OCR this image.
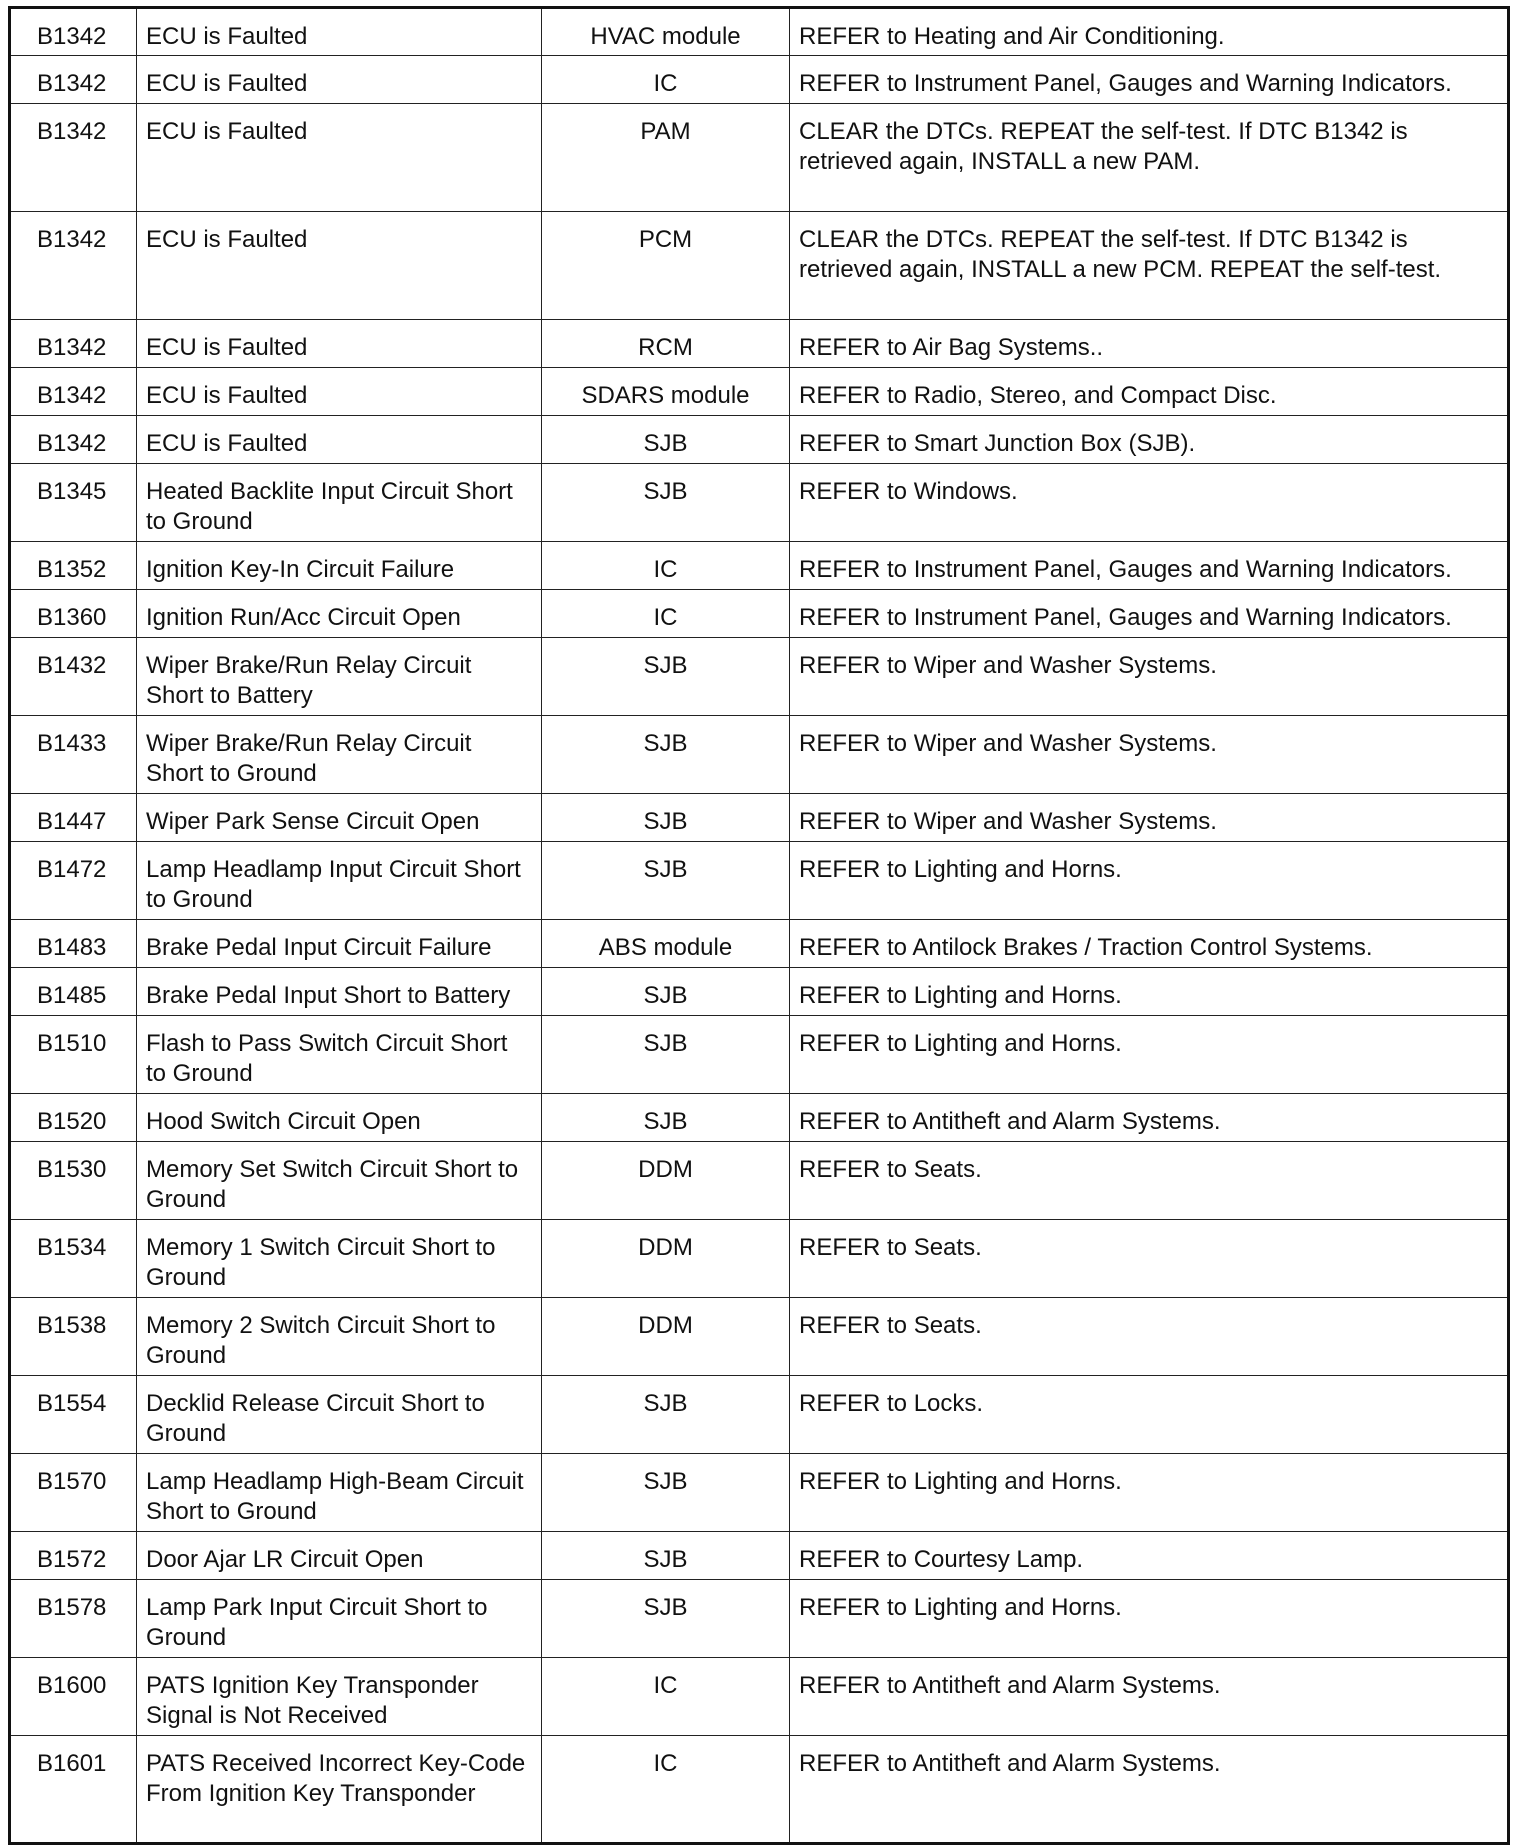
B1342	ECU is Faulted	HVAC module	REFER to Heating and Air Conditioning.
B1342	ECU is Faulted	IC	REFER to Instrument Panel, Gauges and Warning Indicators.
B1342	ECU is Faulted	PAM	CLEAR the DTCs. REPEAT the self-test. If DTC B1342 is retrieved again, INSTALL a new PAM.
B1342	ECU is Faulted	PCM	CLEAR the DTCs. REPEAT the self-test. If DTC B1342 is retrieved again, INSTALL a new PCM. REPEAT the self-test.
B1342	ECU is Faulted	RCM	REFER to Air Bag Systems..
B1342	ECU is Faulted	SDARS module	REFER to Radio, Stereo, and Compact Disc.
B1342	ECU is Faulted	SJB	REFER to Smart Junction Box (SJB).
B1345	Heated Backlite Input Circuit Short to Ground	SJB	REFER to Windows.
B1352	Ignition Key-In Circuit Failure	IC	REFER to Instrument Panel, Gauges and Warning Indicators.
B1360	Ignition Run/Acc Circuit Open	IC	REFER to Instrument Panel, Gauges and Warning Indicators.
B1432	Wiper Brake/Run Relay Circuit Short to Battery	SJB	REFER to Wiper and Washer Systems.
B1433	Wiper Brake/Run Relay Circuit Short to Ground	SJB	REFER to Wiper and Washer Systems.
B1447	Wiper Park Sense Circuit Open	SJB	REFER to Wiper and Washer Systems.
B1472	Lamp Headlamp Input Circuit Short to Ground	SJB	REFER to Lighting and Horns.
B1483	Brake Pedal Input Circuit Failure	ABS module	REFER to Antilock Brakes / Traction Control Systems.
B1485	Brake Pedal Input Short to Battery	SJB	REFER to Lighting and Horns.
B1510	Flash to Pass Switch Circuit Short to Ground	SJB	REFER to Lighting and Horns.
B1520	Hood Switch Circuit Open	SJB	REFER to Antitheft and Alarm Systems.
B1530	Memory Set Switch Circuit Short to Ground	DDM	REFER to Seats.
B1534	Memory 1 Switch Circuit Short to Ground	DDM	REFER to Seats.
B1538	Memory 2 Switch Circuit Short to Ground	DDM	REFER to Seats.
B1554	Decklid Release Circuit Short to Ground	SJB	REFER to Locks.
B1570	Lamp Headlamp High-Beam Circuit Short to Ground	SJB	REFER to Lighting and Horns.
B1572	Door Ajar LR Circuit Open	SJB	REFER to Courtesy Lamp.
B1578	Lamp Park Input Circuit Short to Ground	SJB	REFER to Lighting and Horns.
B1600	PATS Ignition Key Transponder Signal is Not Received	IC	REFER to Antitheft and Alarm Systems.
B1601	PATS Received Incorrect Key-Code From Ignition Key Transponder	IC	REFER to Antitheft and Alarm Systems.
